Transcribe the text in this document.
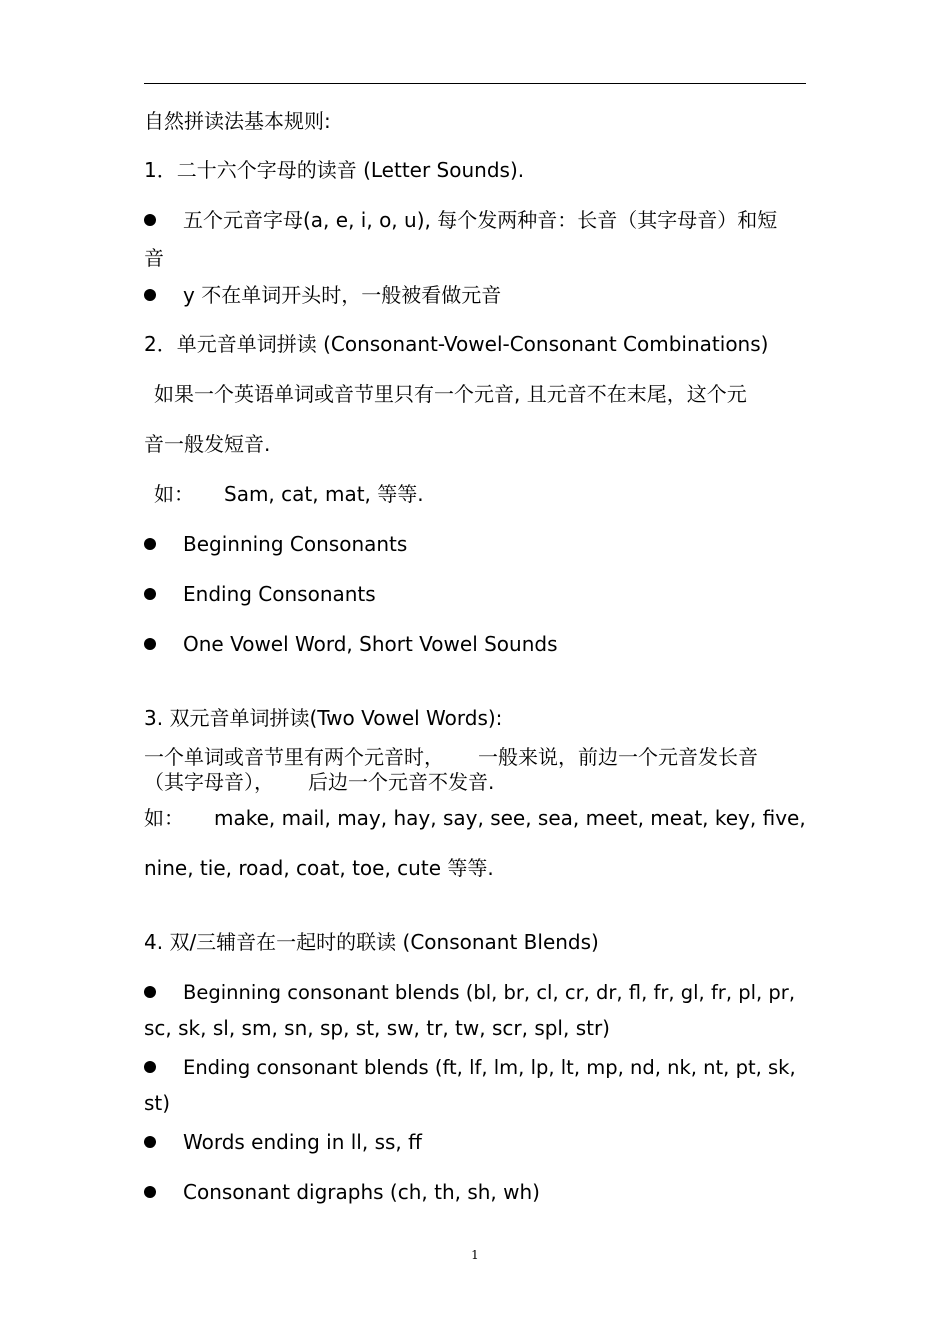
自然拼读法基本规则:
1．二十六个字母的读音 (Letter Sounds).
五个元音字母(a, e, i, o, u), 每个发两种音：长音（其字母音）和短
音
y 不在单词开头时，一般被看做元音
2．单元音单词拼读 (Consonant-Vowel-Consonant Combinations)
如果一个英语单词或音节里只有一个元音, 且元音不在末尾，这个元
音一般发短音.
如： Sam, cat, mat, 等等.
Beginning Consonants
Ending Consonants
One Vowel Word, Short Vowel Sounds
3. 双元音单词拼读(Two Vowel Words):
一个单词或音节里有两个元音时， 一般来说，前边一个元音发长音
（其字母音）， 后边一个元音不发音.
如： make, mail, may, hay, say, see, sea, meet, meat, key, five,
nine, tie, road, coat, toe, cute 等等.
4. 双/三辅音在一起时的联读 (Consonant Blends)
Beginning consonant blends (bl, br, cl, cr, dr, fl, fr, gl, fr, pl, pr,
sc, sk, sl, sm, sn, sp, st, sw, tr, tw, scr, spl, str)
Ending consonant blends (ft, lf, lm, lp, lt, mp, nd, nk, nt, pt, sk,
st)
Words ending in ll, ss, ff
Consonant digraphs (ch, th, sh, wh)
1
